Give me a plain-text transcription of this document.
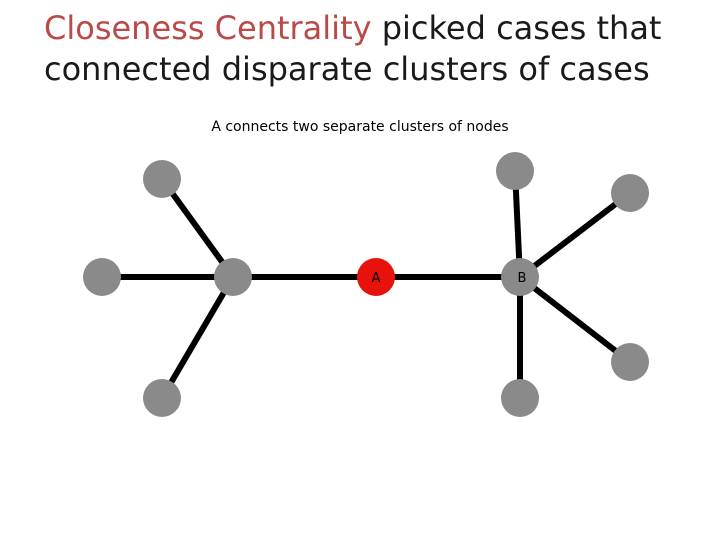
Closeness Centrality picked cases that
connected disparate clusters of cases
A connects two separate clusters of nodes
A	B
